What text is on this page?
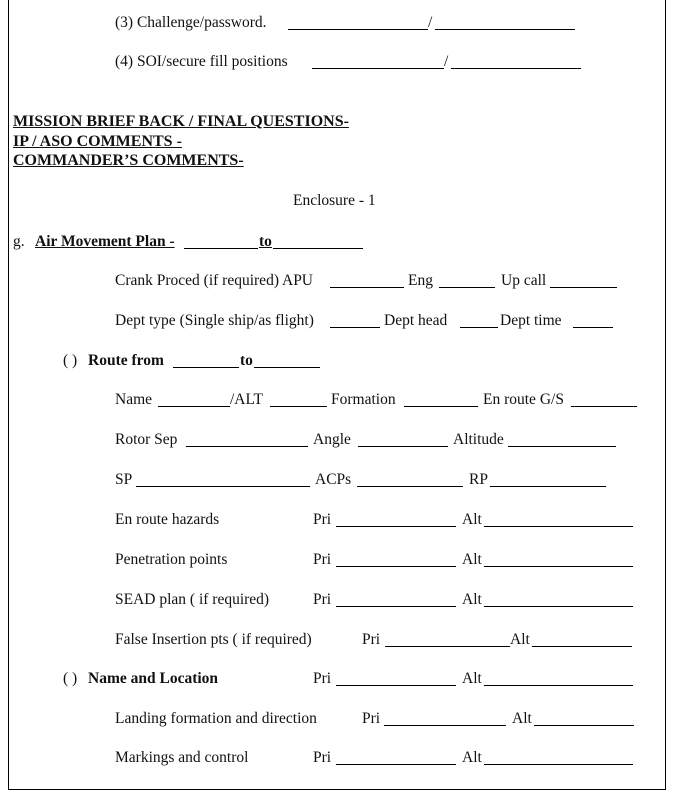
(3) Challenge/password.	/
(4) SOI/secure fill positions	/
MISSION BRIEF BACK / FINAL QUESTIONS-
IP / ASO COMMENTS -
COMMANDER’S COMMENTS-
Enclosure - 1
g. Air Movement Plan -	to
Crank Proced (if required) APU	Eng	Up call
Dept type (Single ship/as flight)	Dept head	Dept time
( ) Route from	to
Name	/ALT	Formation	En route G/S
Rotor Sep	Angle	Altitude
SP	ACPs	RP
En route hazards	Pri	Alt
Penetration points	Pri	Alt
SEAD plan ( if required)	Pri	Alt
False Insertion pts ( if required)	Pri	Alt
( ) Name and Location	Pri	Alt
Landing formation and direction	Pri	Alt
Markings and control	Pri	Alt
